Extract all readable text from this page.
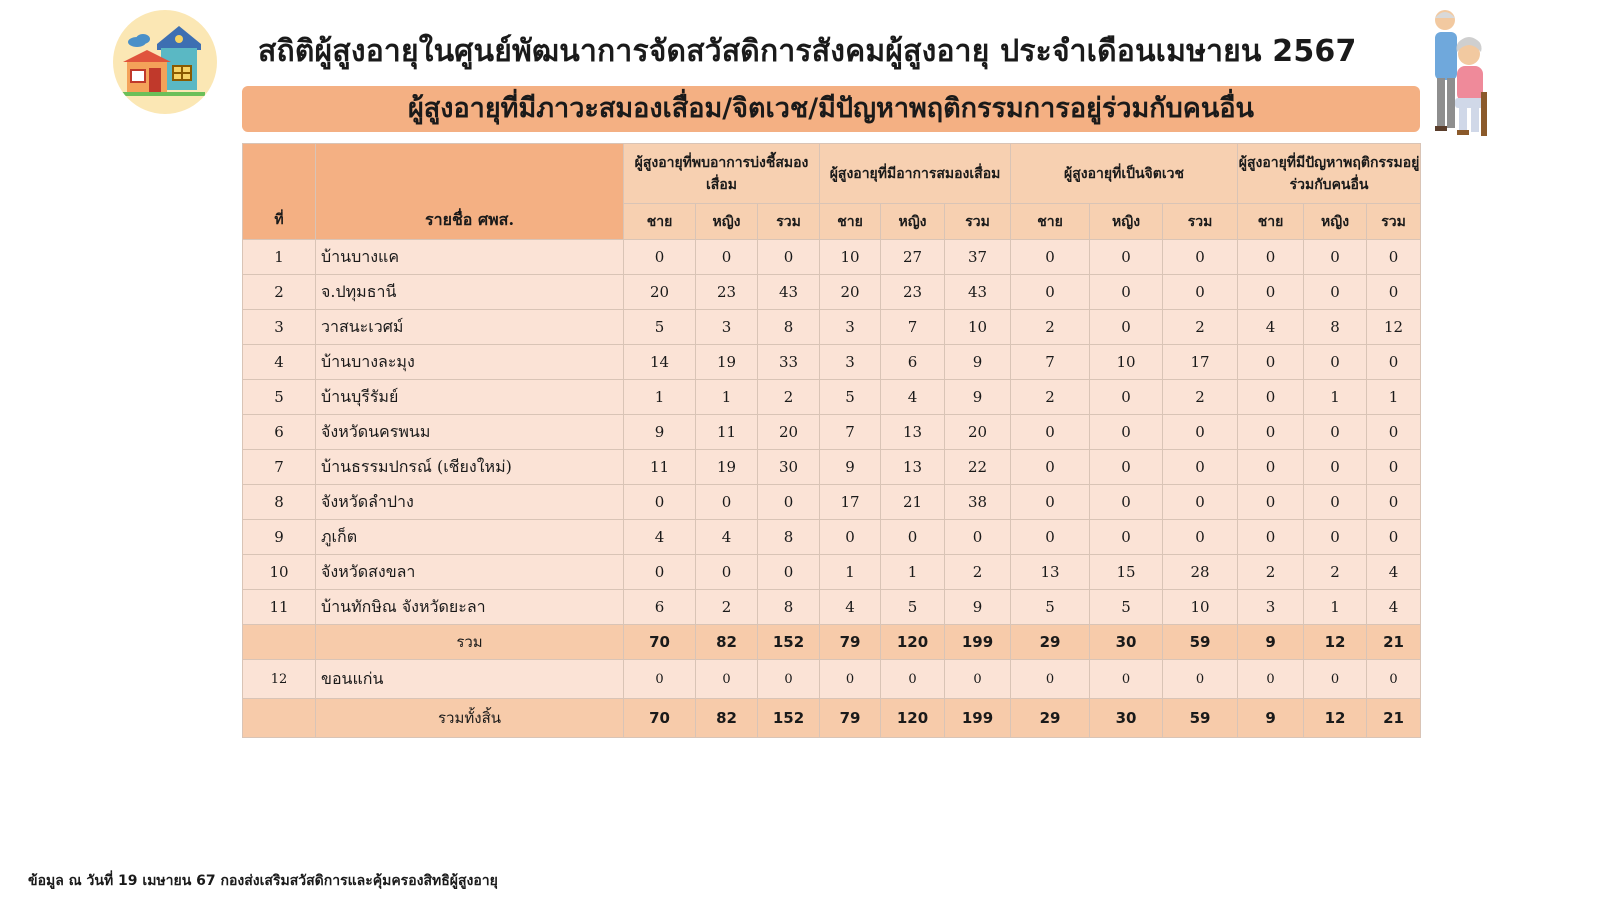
สถิติผู้สูงอายุในศูนย์พัฒนาการจัดสวัสดิการสังคมผู้สูงอายุ ประจำเดือนเมษายน 2567
ผู้สูงอายุที่มีภาวะสมองเสื่อม/จิตเวช/มีปัญหาพฤติกรรมการอยู่ร่วมกับคนอื่น
ที่	รายชื่อ ศพส.	ผู้สูงอายุที่พบอาการบ่งชี้สมองเสื่อม			ผู้สูงอายุที่มีอาการสมองเสื่อม			ผู้สูงอายุที่เป็นจิตเวช			ผู้สูงอายุที่มีปัญหาพฤติกรรมอยู่ร่วมกับคนอื่น		
		ชาย	หญิง	รวม	ชาย	หญิง	รวม	ชาย	หญิง	รวม	ชาย	หญิง	รวม
1	บ้านบางแค	0	0	0	10	27	37	0	0	0	0	0	0
2	จ.ปทุมธานี	20	23	43	20	23	43	0	0	0	0	0	0
3	วาสนะเวศม์	5	3	8	3	7	10	2	0	2	4	8	12
4	บ้านบางละมุง	14	19	33	3	6	9	7	10	17	0	0	0
5	บ้านบุรีรัมย์	1	1	2	5	4	9	2	0	2	0	1	1
6	จังหวัดนครพนม	9	11	20	7	13	20	0	0	0	0	0	0
7	บ้านธรรมปกรณ์ (เชียงใหม่)	11	19	30	9	13	22	0	0	0	0	0	0
8	จังหวัดลำปาง	0	0	0	17	21	38	0	0	0	0	0	0
9	ภูเก็ต	4	4	8	0	0	0	0	0	0	0	0	0
10	จังหวัดสงขลา	0	0	0	1	1	2	13	15	28	2	2	4
11	บ้านทักษิณ จังหวัดยะลา	6	2	8	4	5	9	5	5	10	3	1	4
	รวม	70	82	152	79	120	199	29	30	59	9	12	21
12	ขอนแก่น	0	0	0	0	0	0	0	0	0	0	0	0
	รวมทั้งสิ้น	70	82	152	79	120	199	29	30	59	9	12	21
ข้อมูล ณ วันที่ 19 เมษายน 67 กองส่งเสริมสวัสดิการและคุ้มครองสิทธิผู้สูงอายุ
